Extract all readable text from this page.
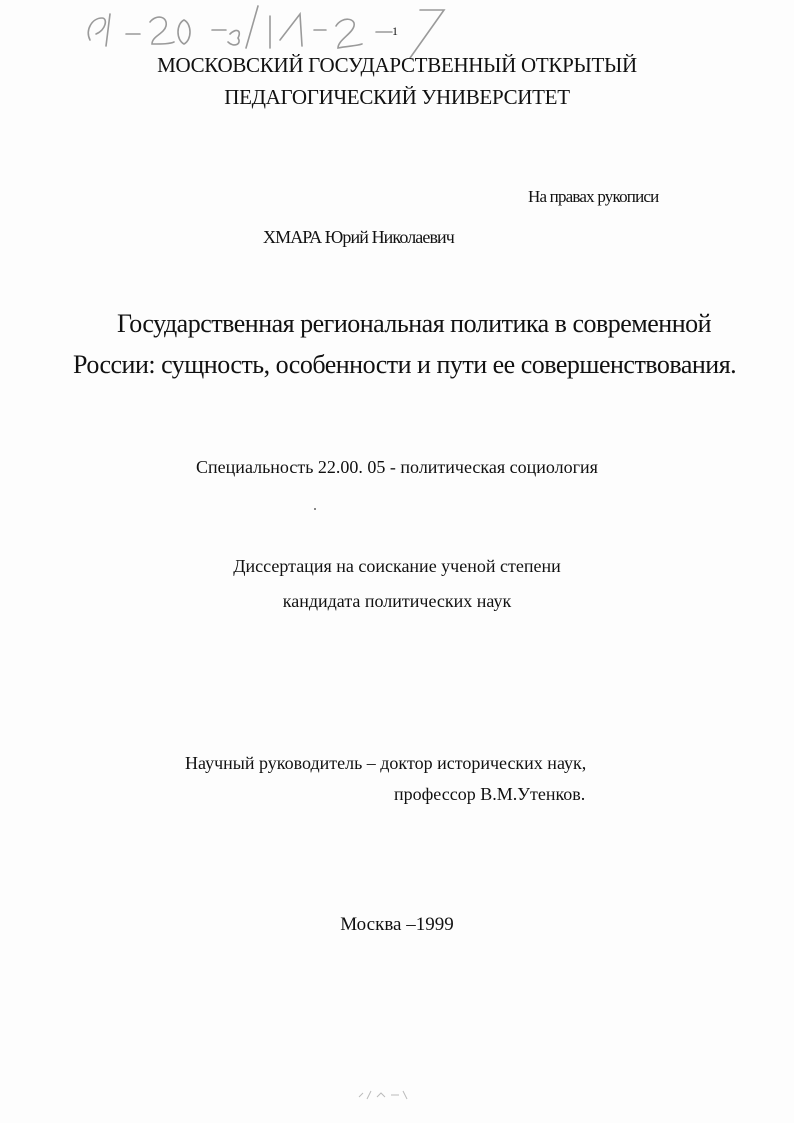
1
МОСКОВСКИЙ ГОСУДАРСТВЕННЫЙ ОТКРЫТЫЙ
ПЕДАГОГИЧЕСКИЙ УНИВЕРСИТЕТ
На правах рукописи
ХМАРА Юрий Николаевич
Государственная региональная политика в современной
России: сущность, особенности и пути ее совершенствования.
Специальность 22.00. 05 - политическая социология
Диссертация на соискание ученой степени
кандидата политических наук
Научный руководитель – доктор исторических наук,
профессор В.М.Утенков.
Москва –1999
